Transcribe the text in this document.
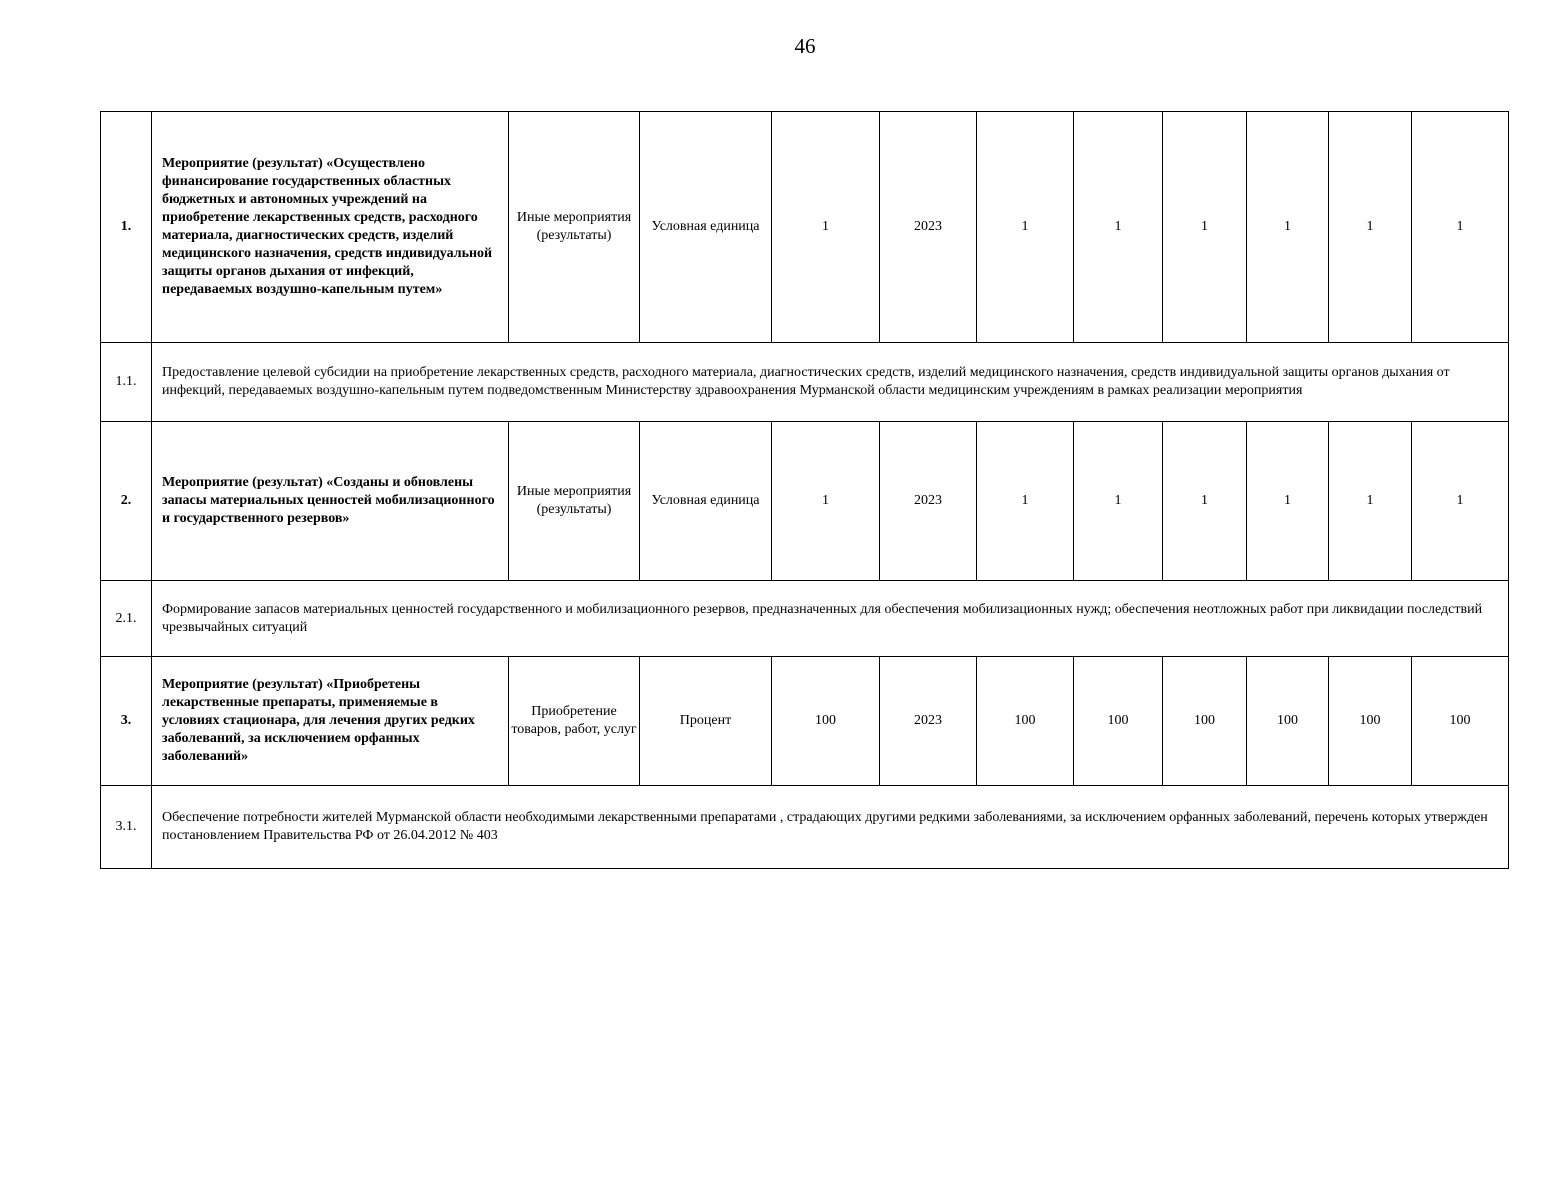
46
1.	Мероприятие (результат) «Осуществлено финансирование государственных областных бюджетных и автономных учреждений на приобретение лекарственных средств, расходного материала, диагностических средств, изделий медицинского назначения, средств индивидуальной защиты органов дыхания от инфекций, передаваемых воздушно-капельным путем»	Иные мероприятия (результаты)	Условная единица	1	2023	1	1	1	1	1	1
1.1.	Предоставление целевой субсидии на приобретение лекарственных средств, расходного материала, диагностических средств, изделий медицинского назначения, средств индивидуальной защиты органов дыхания от инфекций, передаваемых воздушно-капельным путем подведомственным Министерству здравоохранения Мурманской области медицинским учреждениям в рамках реализации мероприятия										
2.	Мероприятие (результат) «Созданы и обновлены запасы материальных ценностей мобилизационного и государственного резервов»	Иные мероприятия (результаты)	Условная единица	1	2023	1	1	1	1	1	1
2.1.	Формирование запасов материальных ценностей государственного и мобилизационного резервов, предназначенных для обеспечения мобилизационных нужд; обеспечения неотложных работ при ликвидации последствий чрезвычайных ситуаций										
3.	Мероприятие (результат) «Приобретены лекарственные препараты, применяемые в условиях стационара, для лечения других редких заболеваний, за исключением орфанных заболеваний»	Приобретение товаров, работ, услуг	Процент	100	2023	100	100	100	100	100	100
3.1.	Обеспечение потребности жителей Мурманской области необходимыми лекарственными препаратами , страдающих другими редкими заболеваниями, за исключением орфанных заболеваний, перечень которых утвержден постановлением Правительства РФ от 26.04.2012 № 403										
